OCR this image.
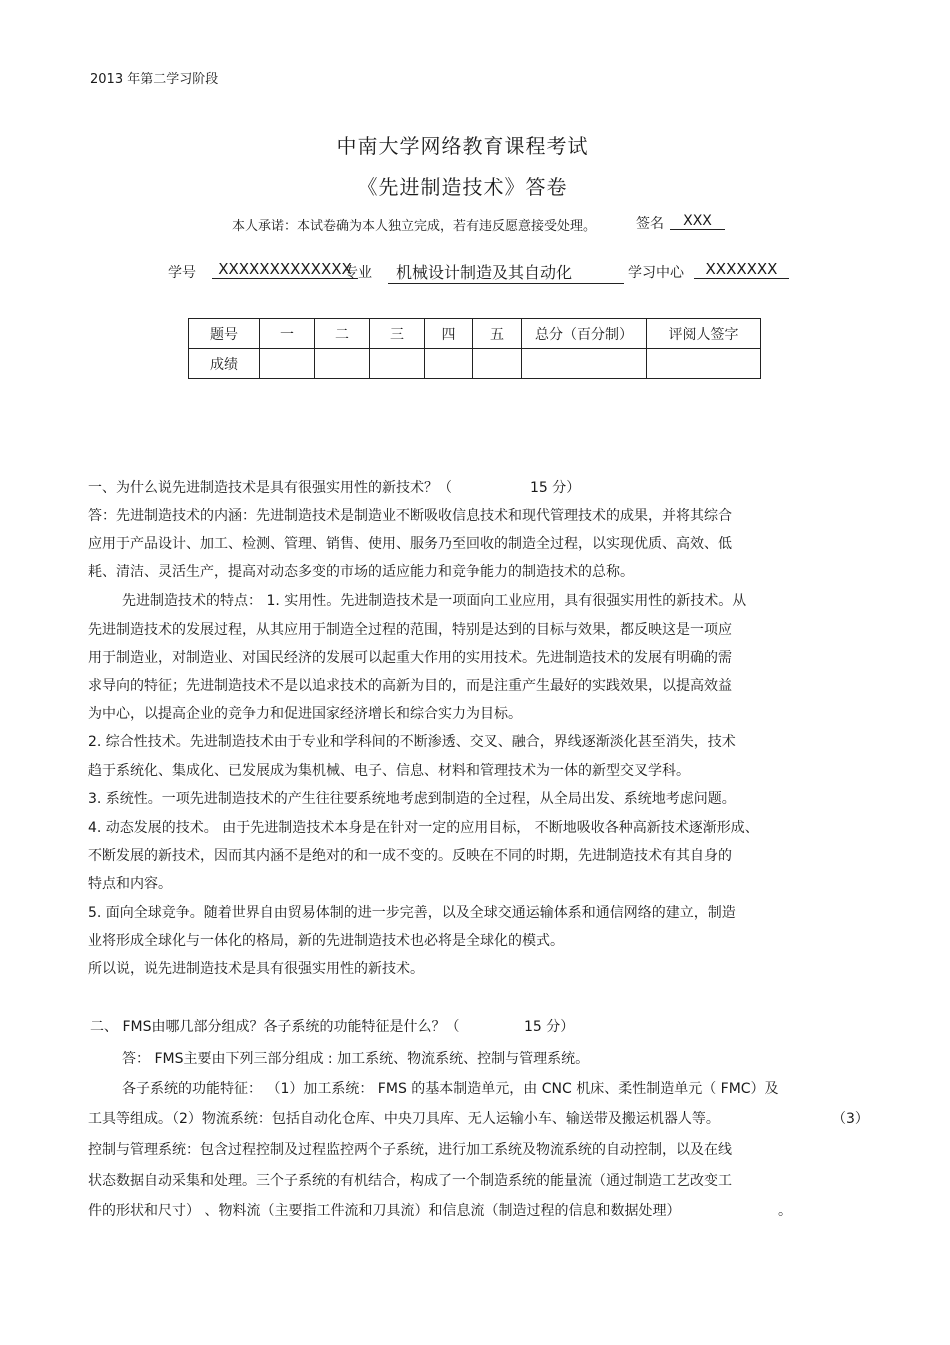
2013 年第二学习阶段
中南大学网络教育课程考试
《先进制造技术》答卷
本人承诺：本试卷确为本人独立完成，若有违反愿意接受处理。	签名	XXX
学号	XXXXXXXXXXXXX
专业	机械设计制造及其自动化	学习中心	XXXXXXX
题号	一	二	三	四	五	总分（百分制）	评阅人签字
成绩							
一、为什么说先进制造技术是具有很强实用性的新技术？（	15 分）
答：先进制造技术的内涵：先进制造技术是制造业不断吸收信息技术和现代管理技术的成果，并将其综合
应用于产品设计、加工、检测、管理、销售、使用、服务乃至回收的制造全过程，以实现优质、高效、低
耗、清洁、灵活生产，提高对动态多变的市场的适应能力和竞争能力的制造技术的总称。
先进制造技术的特点： 1. 实用性。先进制造技术是一项面向工业应用，具有很强实用性的新技术。从
先进制造技术的发展过程，从其应用于制造全过程的范围，特别是达到的目标与效果，都反映这是一项应
用于制造业，对制造业、对国民经济的发展可以起重大作用的实用技术。先进制造技术的发展有明确的需
求导向的特征；先进制造技术不是以追求技术的高新为目的，而是注重产生最好的实践效果，以提高效益
为中心，以提高企业的竞争力和促进国家经济增长和综合实力为目标。
2. 综合性技术。先进制造技术由于专业和学科间的不断渗透、交叉、融合，界线逐渐淡化甚至消失，技术
趋于系统化、集成化、已发展成为集机械、电子、信息、材料和管理技术为一体的新型交叉学科。
3. 系统性。一项先进制造技术的产生往往要系统地考虑到制造的全过程，从全局出发、系统地考虑问题。
4. 动态发展的技术。 由于先进制造技术本身是在针对一定的应用目标， 不断地吸收各种高新技术逐渐形成、
不断发展的新技术，因而其内涵不是绝对的和一成不变的。反映在不同的时期，先进制造技术有其自身的
特点和内容。
5. 面向全球竞争。随着世界自由贸易体制的进一步完善，以及全球交通运输体系和通信网络的建立，制造
业将形成全球化与一体化的格局，新的先进制造技术也必将是全球化的模式。
所以说，说先进制造技术是具有很强实用性的新技术。
二、 FMS由哪几部分组成？各子系统的功能特征是什么？（	15 分）
答： FMS主要由下列三部分组成 : 加工系统、物流系统、控制与管理系统。
各子系统的功能特征： （1）加工系统： FMS 的基本制造单元，由 CNC 机床、柔性制造单元（ FMC）及
工具等组成。（2）物流系统：包括自动化仓库、中央刀具库、无人运输小车、输送带及搬运机器人等。	（3）
控制与管理系统：包含过程控制及过程监控两个子系统，进行加工系统及物流系统的自动控制，以及在线
状态数据自动采集和处理。三个子系统的有机结合，构成了一个制造系统的能量流（通过制造工艺改变工
件的形状和尺寸） 、物料流（主要指工件流和刀具流）和信息流（制造过程的信息和数据处理）	。
